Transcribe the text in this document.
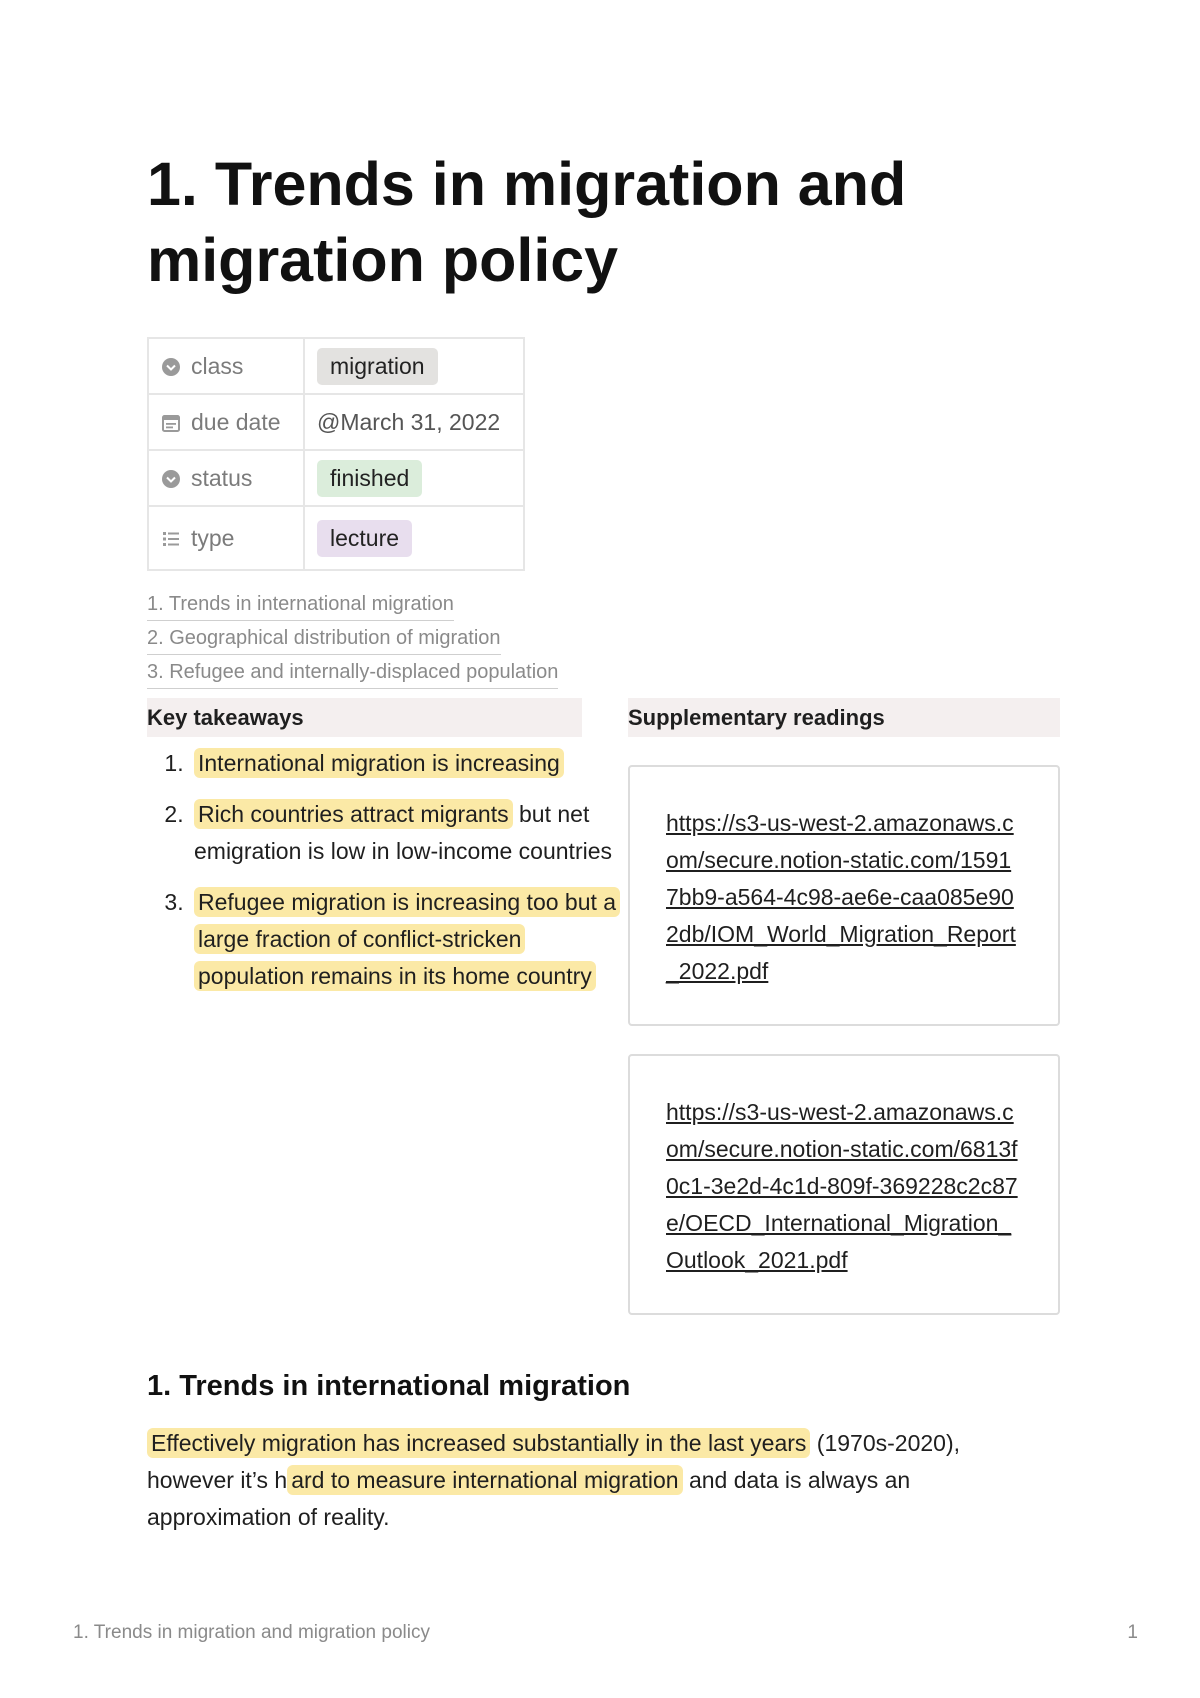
1. Trends in migration and migration policy
class	migration
due date	@March 31, 2022
status	finished
type	lecture
1. Trends in international migration
2. Geographical distribution of migration
3. Refugee and internally-displaced population
Key takeaways	Supplementary readings
1. International migration is increasing
2. Rich countries attract migrants but net emigration is low in low-income countries
3. Refugee migration is increasing too but a large fraction of conflict-stricken population remains in its home country
https://s3-us-west-2.amazonaws.com/secure.notion-static.com/15917bb9-a564-4c98-ae6e-caa085e902db/IOM_World_Migration_Report_2022.pdf
https://s3-us-west-2.amazonaws.com/secure.notion-static.com/6813f0c1-3e2d-4c1d-809f-369228c2c87e/OECD_International_Migration_Outlook_2021.pdf
1. Trends in international migration

Effectively migration has increased substantially in the last years (1970s-2020), however it’s h ard to measure international migration and data is always an approximation of reality.

1. Trends in migration and migration policy	1
